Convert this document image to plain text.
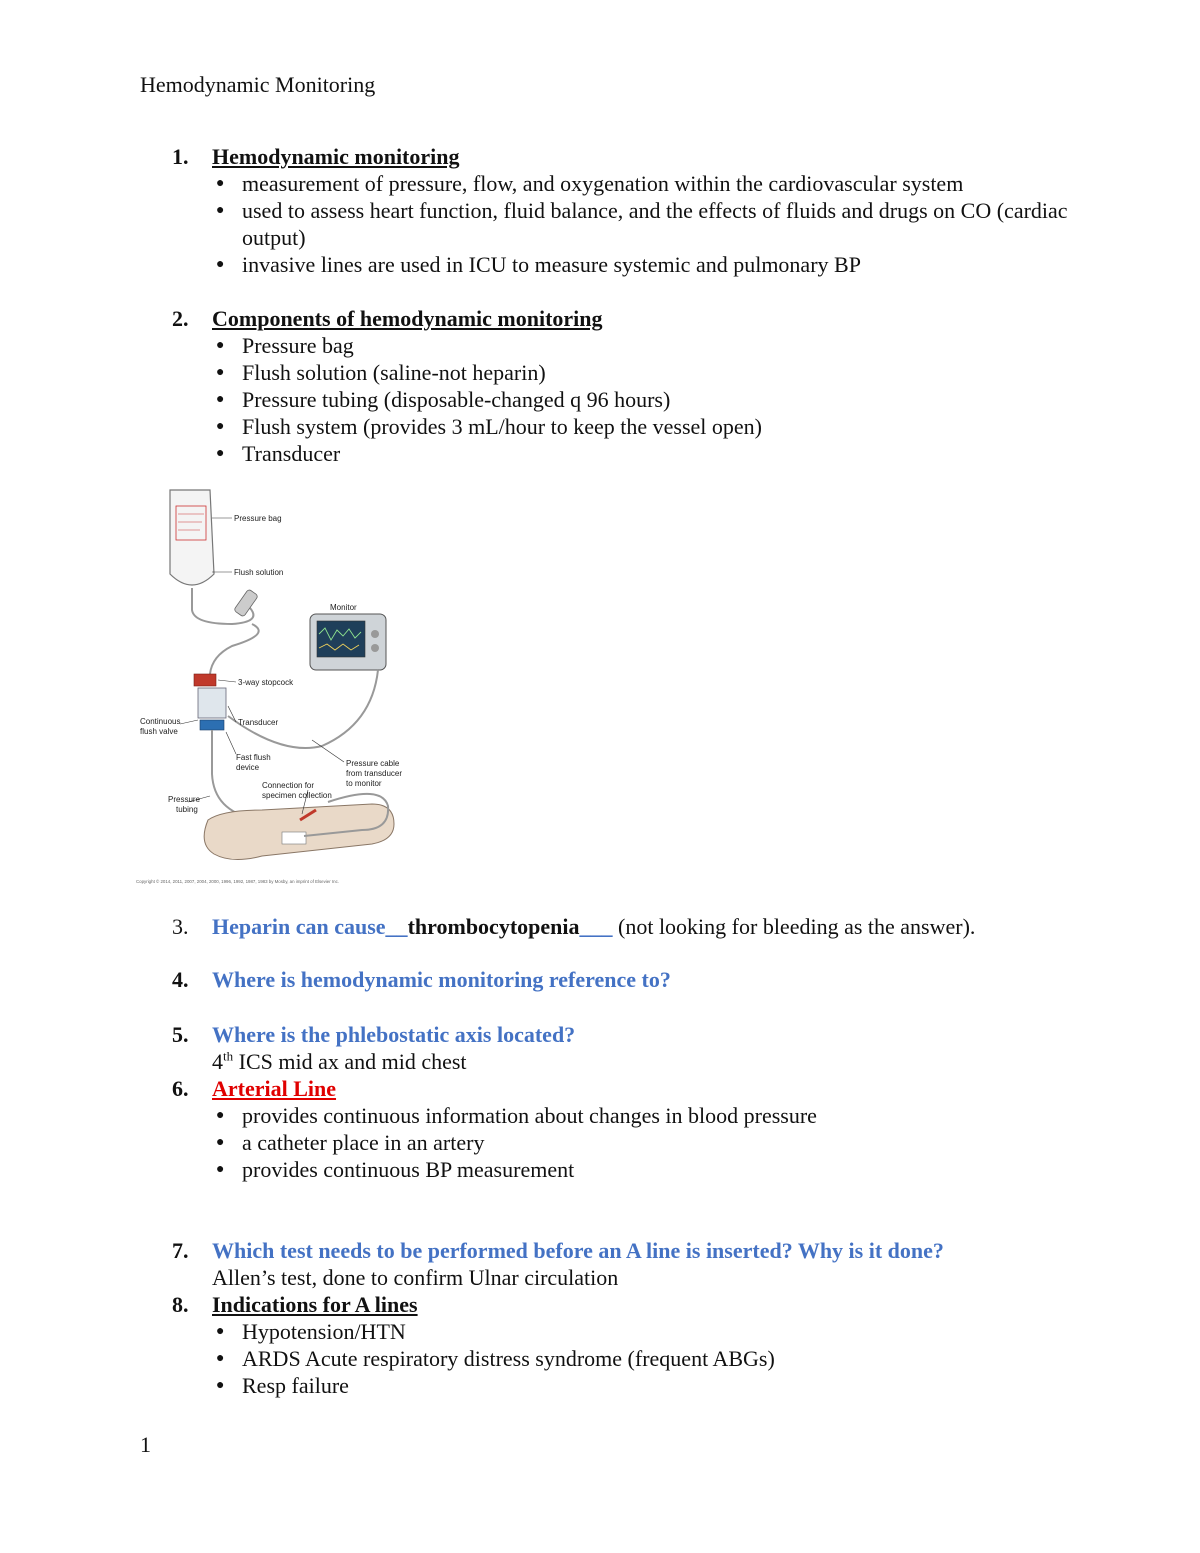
Hemodynamic Monitoring
1.	Hemodynamic monitoring
● measurement of pressure, flow, and oxygenation within the cardiovascular system
● used to assess heart function, fluid balance, and the effects of fluids and drugs on CO (cardiac output)
● invasive lines are used in ICU to measure systemic and pulmonary BP
2.	Components of hemodynamic monitoring
● Pressure bag
● Flush solution (saline-not heparin)
● Pressure tubing (disposable-changed q 96 hours)
● Flush system (provides 3 mL/hour to keep the vessel open)
● Transducer
Pressure bag
Flush solution
Monitor
3-way stopcock
Transducer
Continuous
flush valve
Fast flush
device	Pressure cable
from transducer
to monitor
Connection for
specimen collection
Pressure
tubing
Copyright © 2014, 2011, 2007, 2004, 2000, 1996, 1992, 1987, 1983 by Mosby, an imprint of Elsevier Inc.
3.	Heparin can cause__thrombocytopenia___ (not looking for bleeding as the answer).
4.	Where is hemodynamic monitoring reference to?
5.	Where is the phlebostatic axis located?
4th ICS mid ax and mid chest
6.	Arterial Line
● provides continuous information about changes in blood pressure
● a catheter place in an artery
● provides continuous BP measurement
7.	Which test needs to be performed before an A line is inserted? Why is it done?
Allen’s test, done to confirm Ulnar circulation
8.	Indications for A lines
● Hypotension/HTN
● ARDS Acute respiratory distress syndrome (frequent ABGs)
● Resp failure
1
